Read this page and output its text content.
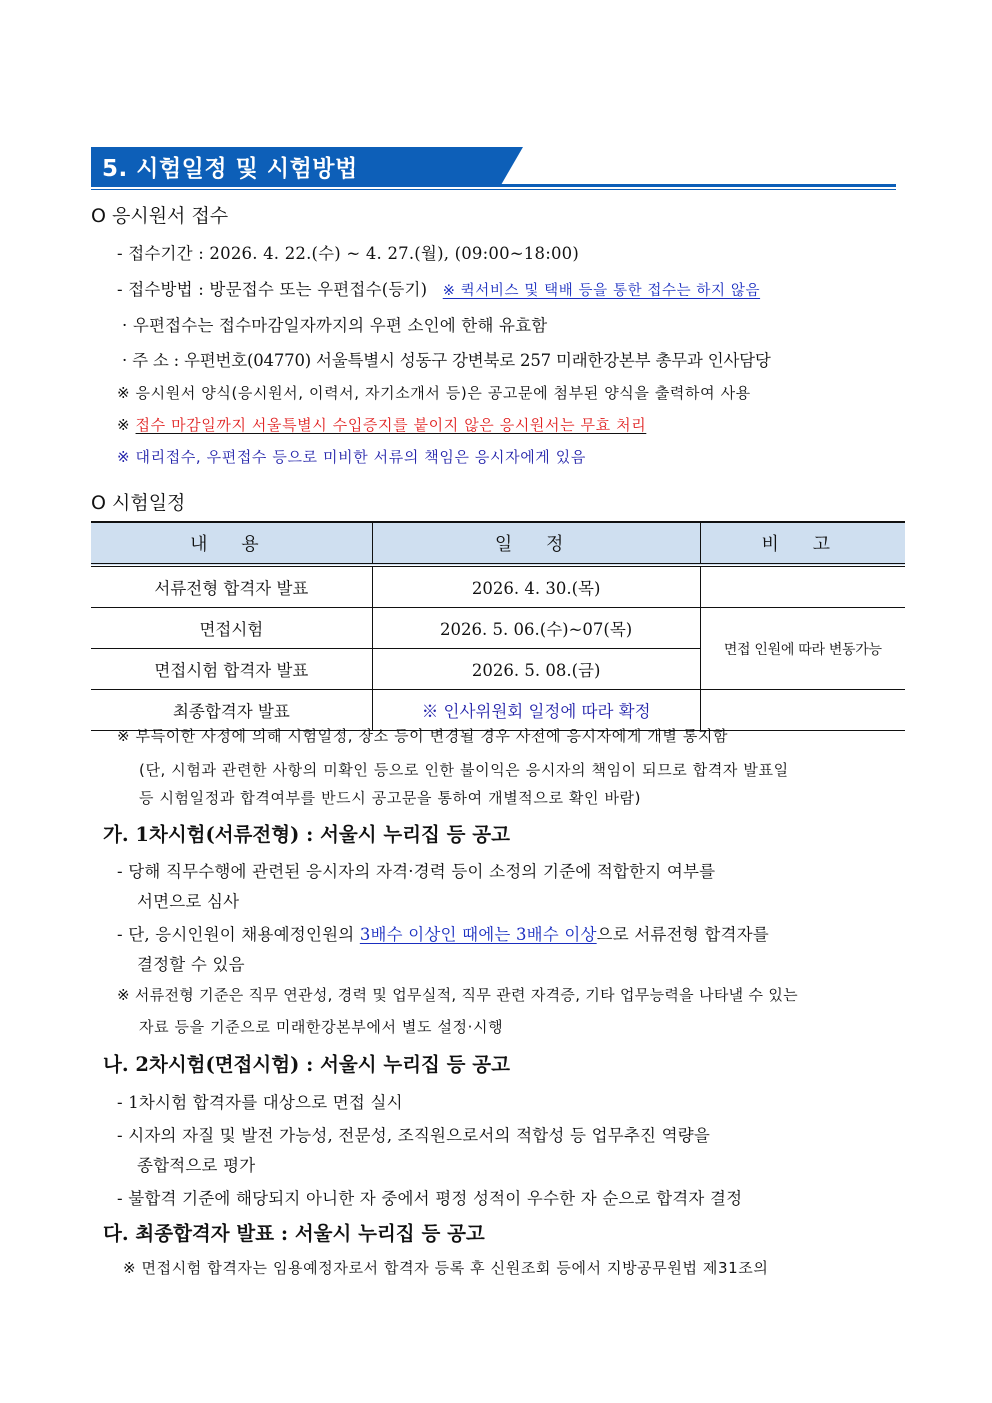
5. 시험일정 및 시험방법
O 응시원서 접수
- 접수기간 : 2026. 4. 22.(수) ~ 4. 27.(월), (09:00~18:00)
- 접수방법 : 방문접수 또는 우편접수(등기) ※ 퀵서비스 및 택배 등을 통한 접수는 하지 않음
· 우편접수는 접수마감일자까지의 우편 소인에 한해 유효함
· 주 소 : 우편번호(04770) 서울특별시 성동구 강변북로 257 미래한강본부 총무과 인사담당
※ 응시원서 양식(응시원서, 이력서, 자기소개서 등)은 공고문에 첨부된 양식을 출력하여 사용
※ 접수 마감일까지 서울특별시 수입증지를 붙이지 않은 응시원서는 무효 처리
※ 대리접수, 우편접수 등으로 미비한 서류의 책임은 응시자에게 있음
O 시험일정
내 용	일 정	비 고
서류전형 합격자 발표	2026. 4. 30.(목)	
면접시험	2026. 5. 06.(수)~07(목)	면접 인원에 따라 변동가능
면접시험 합격자 발표	2026. 5. 08.(금)	
최종합격자 발표	※ 인사위원회 일정에 따라 확정	
※ 부득이한 사정에 의해 시험일정, 장소 등이 변경될 경우 사전에 응시자에게 개별 통지함
(단, 시험과 관련한 사항의 미확인 등으로 인한 불이익은 응시자의 책임이 되므로 합격자 발표일
등 시험일정과 합격여부를 반드시 공고문을 통하여 개별적으로 확인 바람)
가. 1차시험(서류전형) : 서울시 누리집 등 공고
- 당해 직무수행에 관련된 응시자의 자격·경력 등이 소정의 기준에 적합한지 여부를
서면으로 심사
- 단, 응시인원이 채용예정인원의 3배수 이상인 때에는 3배수 이상으로 서류전형 합격자를
결정할 수 있음
※ 서류전형 기준은 직무 연관성, 경력 및 업무실적, 직무 관련 자격증, 기타 업무능력을 나타낼 수 있는
자료 등을 기준으로 미래한강본부에서 별도 설정·시행
나. 2차시험(면접시험) : 서울시 누리집 등 공고
- 1차시험 합격자를 대상으로 면접 실시
- 시자의 자질 및 발전 가능성, 전문성, 조직원으로서의 적합성 등 업무추진 역량을
종합적으로 평가
- 불합격 기준에 해당되지 아니한 자 중에서 평정 성적이 우수한 자 순으로 합격자 결정
다. 최종합격자 발표 : 서울시 누리집 등 공고
※ 면접시험 합격자는 임용예정자로서 합격자 등록 후 신원조회 등에서 지방공무원법 제31조의
